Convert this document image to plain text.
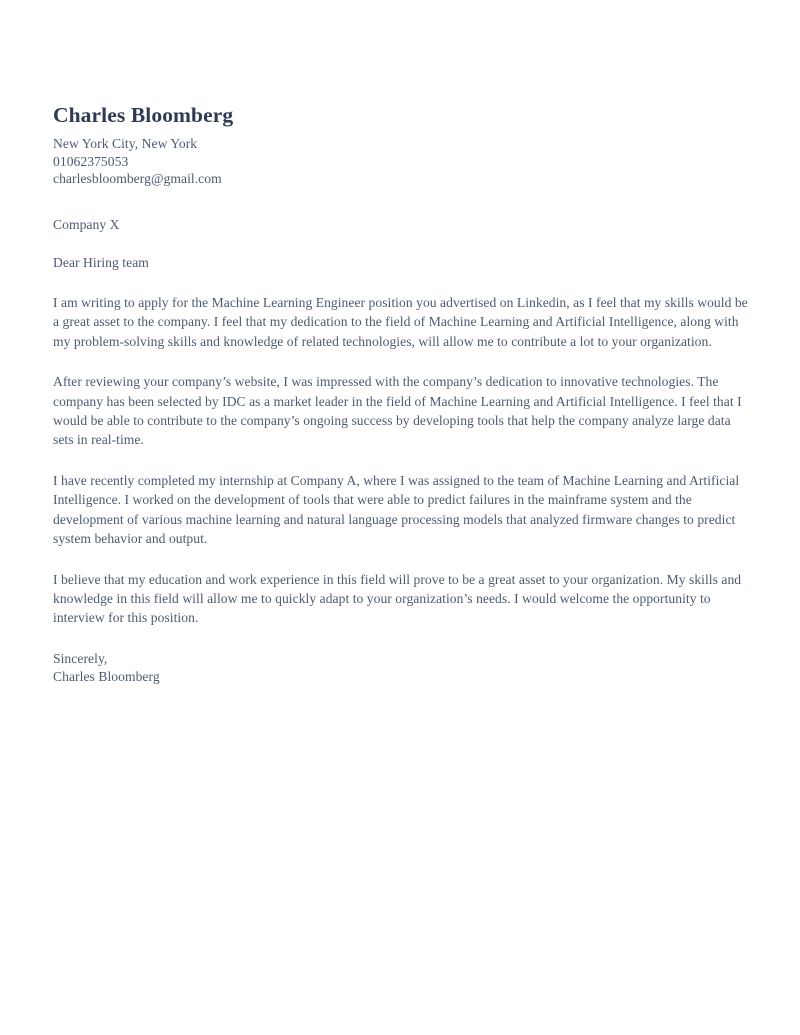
Charles Bloomberg

New York City, New York

01062375053

charlesbloomberg@gmail.com

Company X

Dear Hiring team

I am writing to apply for the Machine Learning Engineer position you advertised on Linkedin, as I feel that my skills would be a great asset to the company. I feel that my dedication to the field of Machine Learning and Artificial Intelligence, along with my problem-solving skills and knowledge of related technologies, will allow me to contribute a lot to your organization.

After reviewing your company’s website, I was impressed with the company’s dedication to innovative technologies. The company has been selected by IDC as a market leader in the field of Machine Learning and Artificial Intelligence. I feel that I would be able to contribute to the company’s ongoing success by developing tools that help the company analyze large data sets in real-time.

I have recently completed my internship at Company A, where I was assigned to the team of Machine Learning and Artificial Intelligence. I worked on the development of tools that were able to predict failures in the mainframe system and the development of various machine learning and natural language processing models that analyzed firmware changes to predict system behavior and output.

I believe that my education and work experience in this field will prove to be a great asset to your organization. My skills and knowledge in this field will allow me to quickly adapt to your organization’s needs. I would welcome the opportunity to interview for this position.

Sincerely,

Charles Bloomberg
